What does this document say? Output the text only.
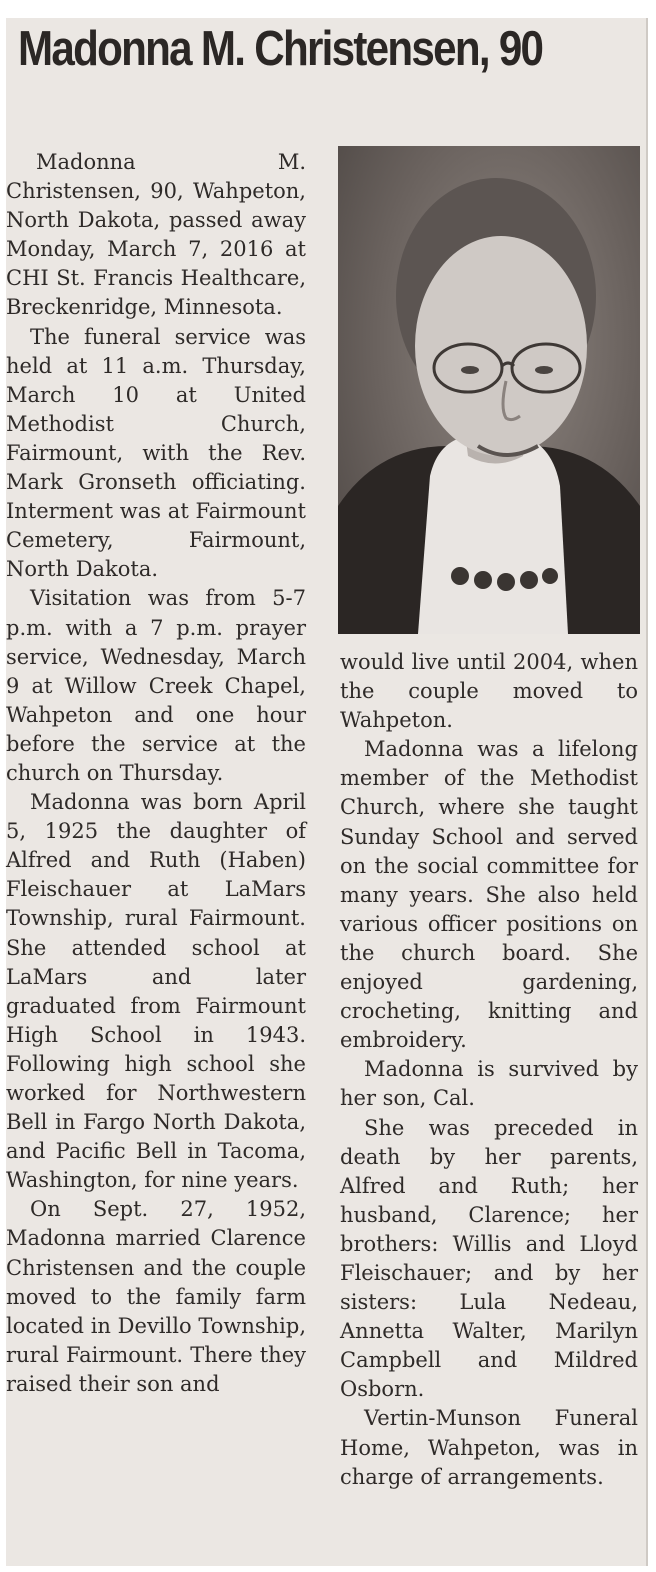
Madonna M. Christensen, 90

Madonna M. Christensen, 90, Wahpeton, North Dakota, passed away Monday, March 7, 2016 at CHI St. Francis Healthcare, Breckenridge, Minnesota.

The funeral service was held at 11 a.m. Thursday, March 10 at United Methodist Church, Fairmount, with the Rev. Mark Gronseth officiating. Interment was at Fairmount Cemetery, Fairmount, North Dakota.

Visitation was from 5-7 p.m. with a 7 p.m. prayer service, Wednesday, March 9 at Willow Creek Chapel, Wahpeton and one hour before the service at the church on Thursday.

Madonna was born April 5, 1925 the daughter of Alfred and Ruth (Haben) Fleischauer at LaMars Township, rural Fairmount. She attended school at LaMars and later graduated from Fairmount High School in 1943. Following high school she worked for Northwestern Bell in Fargo North Dakota, and Pacific Bell in Tacoma, Washington, for nine years.

On Sept. 27, 1952, Madonna married Clarence Christensen and the couple moved to the family farm located in Devillo Township, rural Fairmount. There they raised their son and

would live until 2004, when the couple moved to Wahpeton.

Madonna was a lifelong member of the Methodist Church, where she taught Sunday School and served on the social committee for many years. She also held various officer positions on the church board. She enjoyed gardening, crocheting, knitting and embroidery.

Madonna is survived by her son, Cal.

She was preceded in death by her parents, Alfred and Ruth; her husband, Clarence; her brothers: Willis and Lloyd Fleischauer; and by her sisters: Lula Nedeau, Annetta Walter, Marilyn Campbell and Mildred Osborn.

Vertin-Munson Funeral Home, Wahpeton, was in charge of arrangements.
